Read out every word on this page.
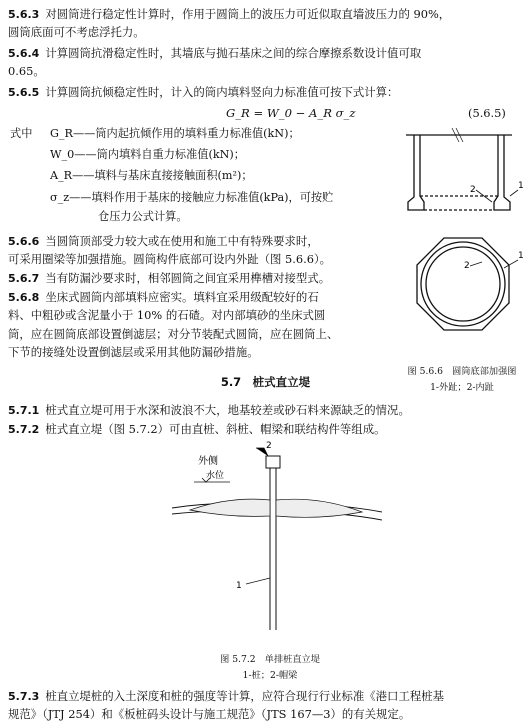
5.6.3 对圆筒进行稳定性计算时，作用于圆筒上的波压力可近似取直墙波压力的 90%，

圆筒底面可不考虑浮托力。

5.6.4 计算圆筒抗滑稳定性时，其墙底与抛石基床之间的综合摩擦系数设计值可取

0.65。

5.6.5 计算圆筒抗倾稳定性时，计入的筒内填料竖向力标准值可按下式计算：

G_R = W_0 − A_R σ_z	(5.6.5)
式中 G_R——筒内起抗倾作用的填料重力标准值(kN)；
W_0——筒内填料自重力标准值(kN)；
A_R——填料与基床直接接触面积(m²)；
σ_z——填料作用于基床的接触应力标准值(kPa)，可按贮
仓压力公式计算。

5.6.6 当圆筒顶部受力较大或在使用和施工中有特殊要求时，

可采用圈梁等加强措施。圆筒构件底部可设内外趾（图 5.6.6）。

5.6.7 当有防漏沙要求时，相邻圆筒之间宜采用榫槽对接型式。

5.6.8 坐床式圆筒内部填料应密实。填料宜采用级配较好的石

料、中粗砂或含泥量小于 10% 的石碴。对内部填砂的坐床式圆

筒，应在圆筒底部设置倒滤层；对分节装配式圆筒，应在圆筒上、

下节的接缝处设置倒滤层或采用其他防漏砂措施。

2	1
2
1
图 5.6.6　圆筒底部加强图
1-外趾；2-内趾
5.7　桩式直立堤

5.7.1 桩式直立堤可用于水深和波浪不大，地基较差或砂石料来源缺乏的情况。

5.7.2 桩式直立堤（图 5.7.2）可由直桩、斜桩、帽梁和联结构件等组成。

2
外侧
水位
1
图 5.7.2　单排桩直立堤
1-桩；2-帽梁

5.7.3 桩直立堤桩的入土深度和桩的强度等计算，应符合现行行业标准《港口工程桩基

规范》（JTJ 254）和《板桩码头设计与施工规范》（JTS 167—3）的有关规定。
